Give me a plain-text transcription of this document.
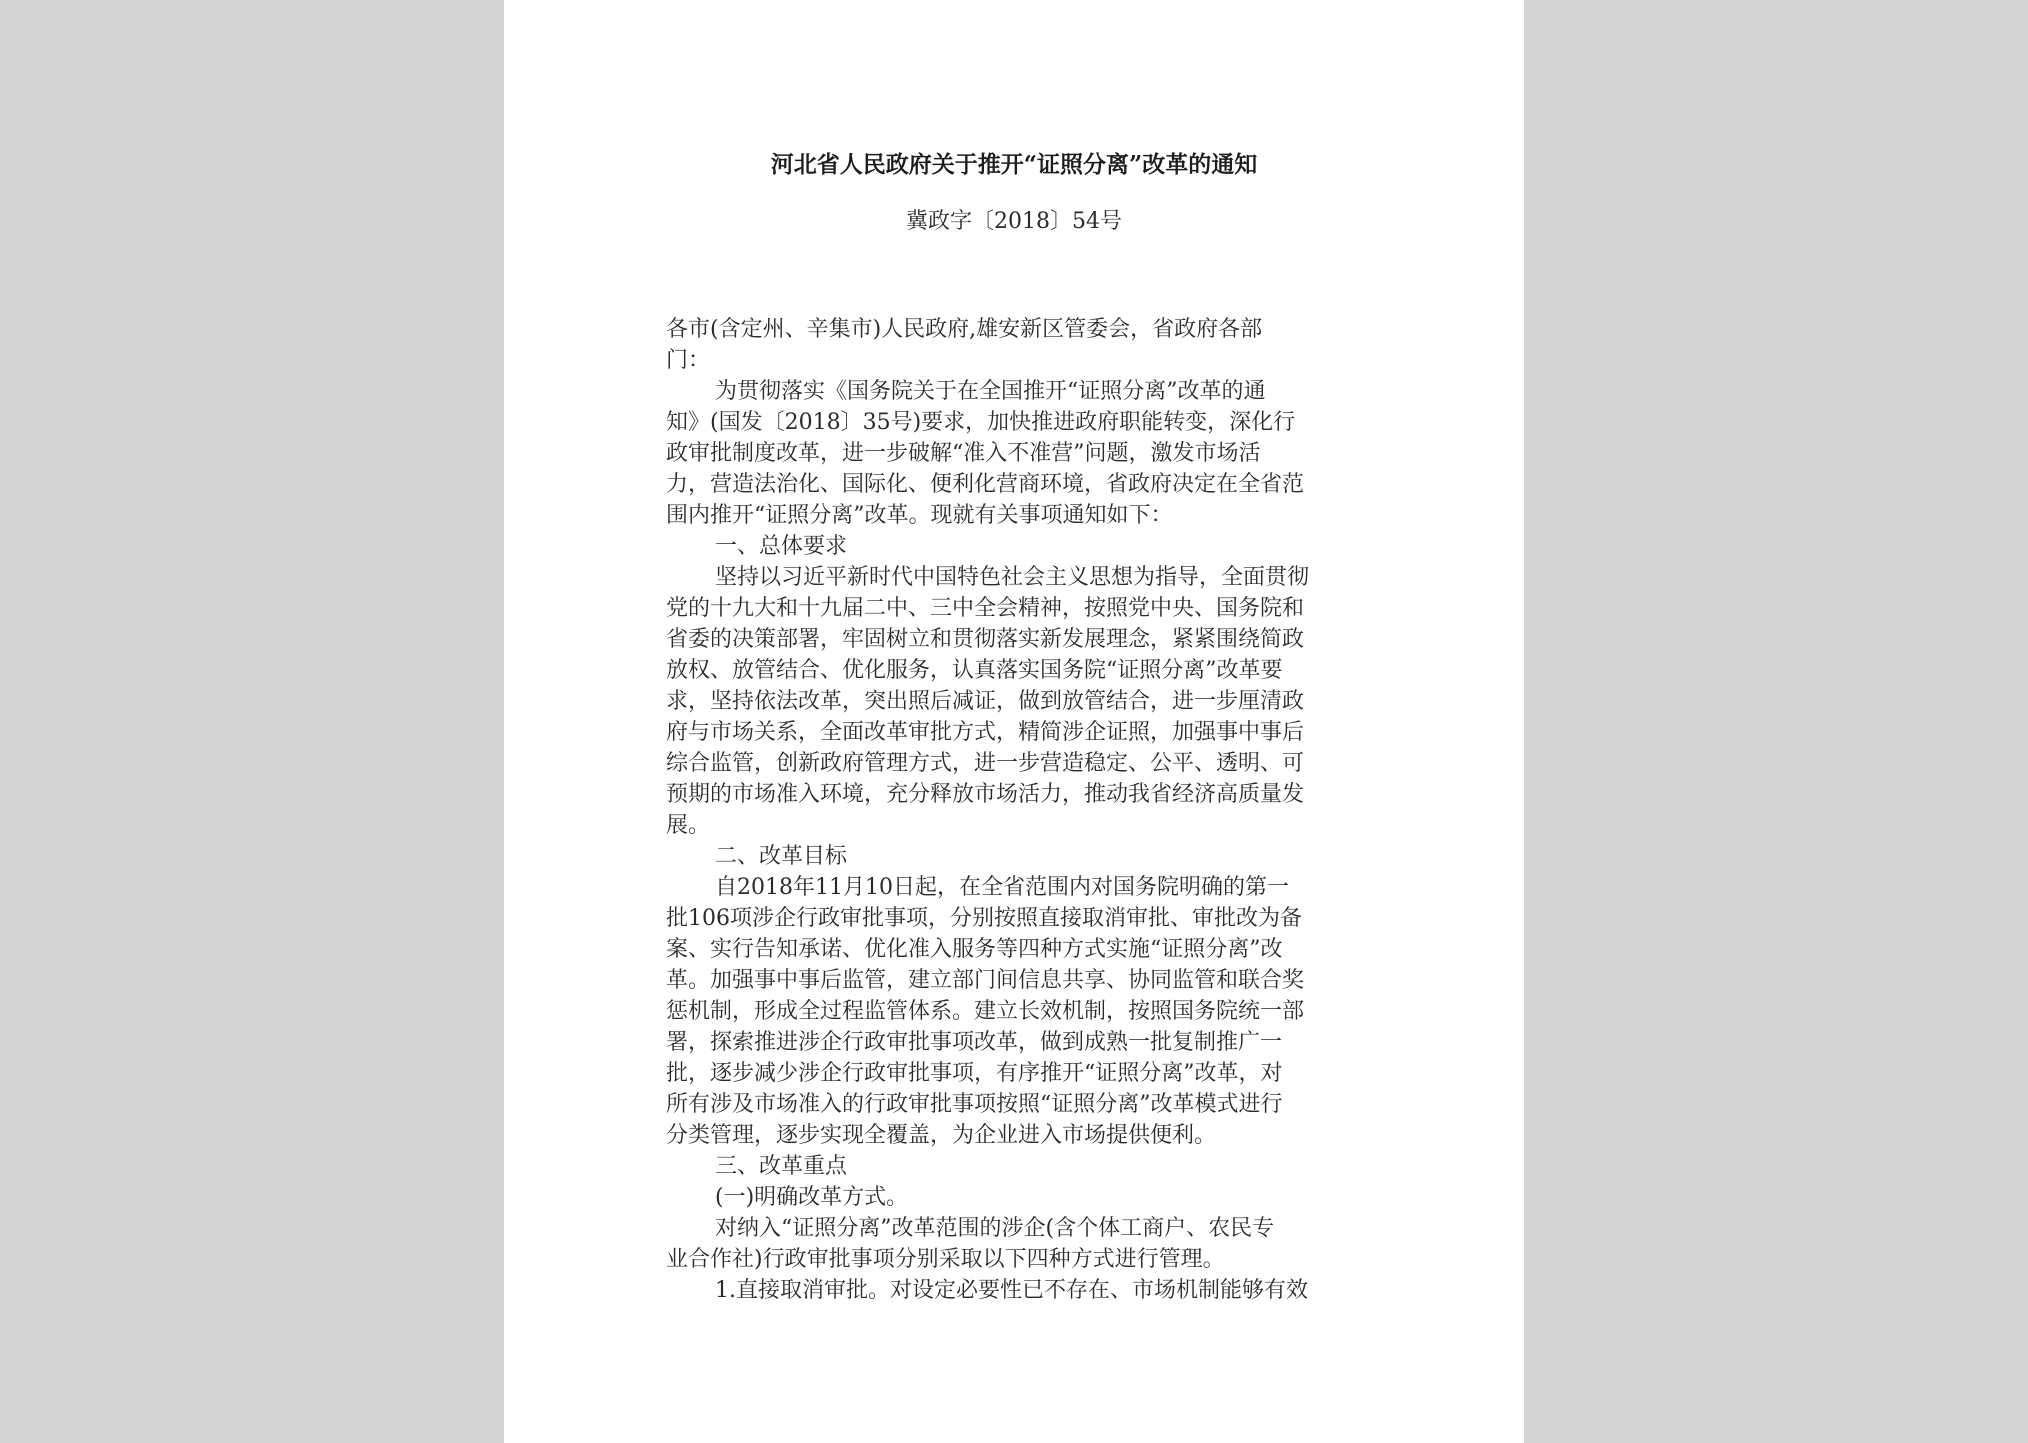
河北省人民政府关于推开“证照分离”改革的通知
冀政字〔2018〕54号
各市(含定州、辛集市)人民政府,雄安新区管委会，省政府各部
门：
为贯彻落实《国务院关于在全国推开“证照分离”改革的通
知》(国发〔2018〕35号)要求，加快推进政府职能转变，深化行
政审批制度改革，进一步破解“准入不准营”问题，激发市场活
力，营造法治化、国际化、便利化营商环境，省政府决定在全省范
围内推开“证照分离”改革。现就有关事项通知如下：
一、总体要求
坚持以习近平新时代中国特色社会主义思想为指导，全面贯彻
党的十九大和十九届二中、三中全会精神，按照党中央、国务院和
省委的决策部署，牢固树立和贯彻落实新发展理念，紧紧围绕简政
放权、放管结合、优化服务，认真落实国务院“证照分离”改革要
求，坚持依法改革，突出照后减证，做到放管结合，进一步厘清政
府与市场关系，全面改革审批方式，精简涉企证照，加强事中事后
综合监管，创新政府管理方式，进一步营造稳定、公平、透明、可
预期的市场准入环境，充分释放市场活力，推动我省经济高质量发
展。
二、改革目标
自2018年11月10日起，在全省范围内对国务院明确的第一
批106项涉企行政审批事项，分别按照直接取消审批、审批改为备
案、实行告知承诺、优化准入服务等四种方式实施“证照分离”改
革。加强事中事后监管，建立部门间信息共享、协同监管和联合奖
惩机制，形成全过程监管体系。建立长效机制，按照国务院统一部
署，探索推进涉企行政审批事项改革，做到成熟一批复制推广一
批，逐步减少涉企行政审批事项，有序推开“证照分离”改革，对
所有涉及市场准入的行政审批事项按照“证照分离”改革模式进行
分类管理，逐步实现全覆盖，为企业进入市场提供便利。
三、改革重点
(一)明确改革方式。
对纳入“证照分离”改革范围的涉企(含个体工商户、农民专
业合作社)行政审批事项分别采取以下四种方式进行管理。
1.直接取消审批。对设定必要性已不存在、市场机制能够有效
